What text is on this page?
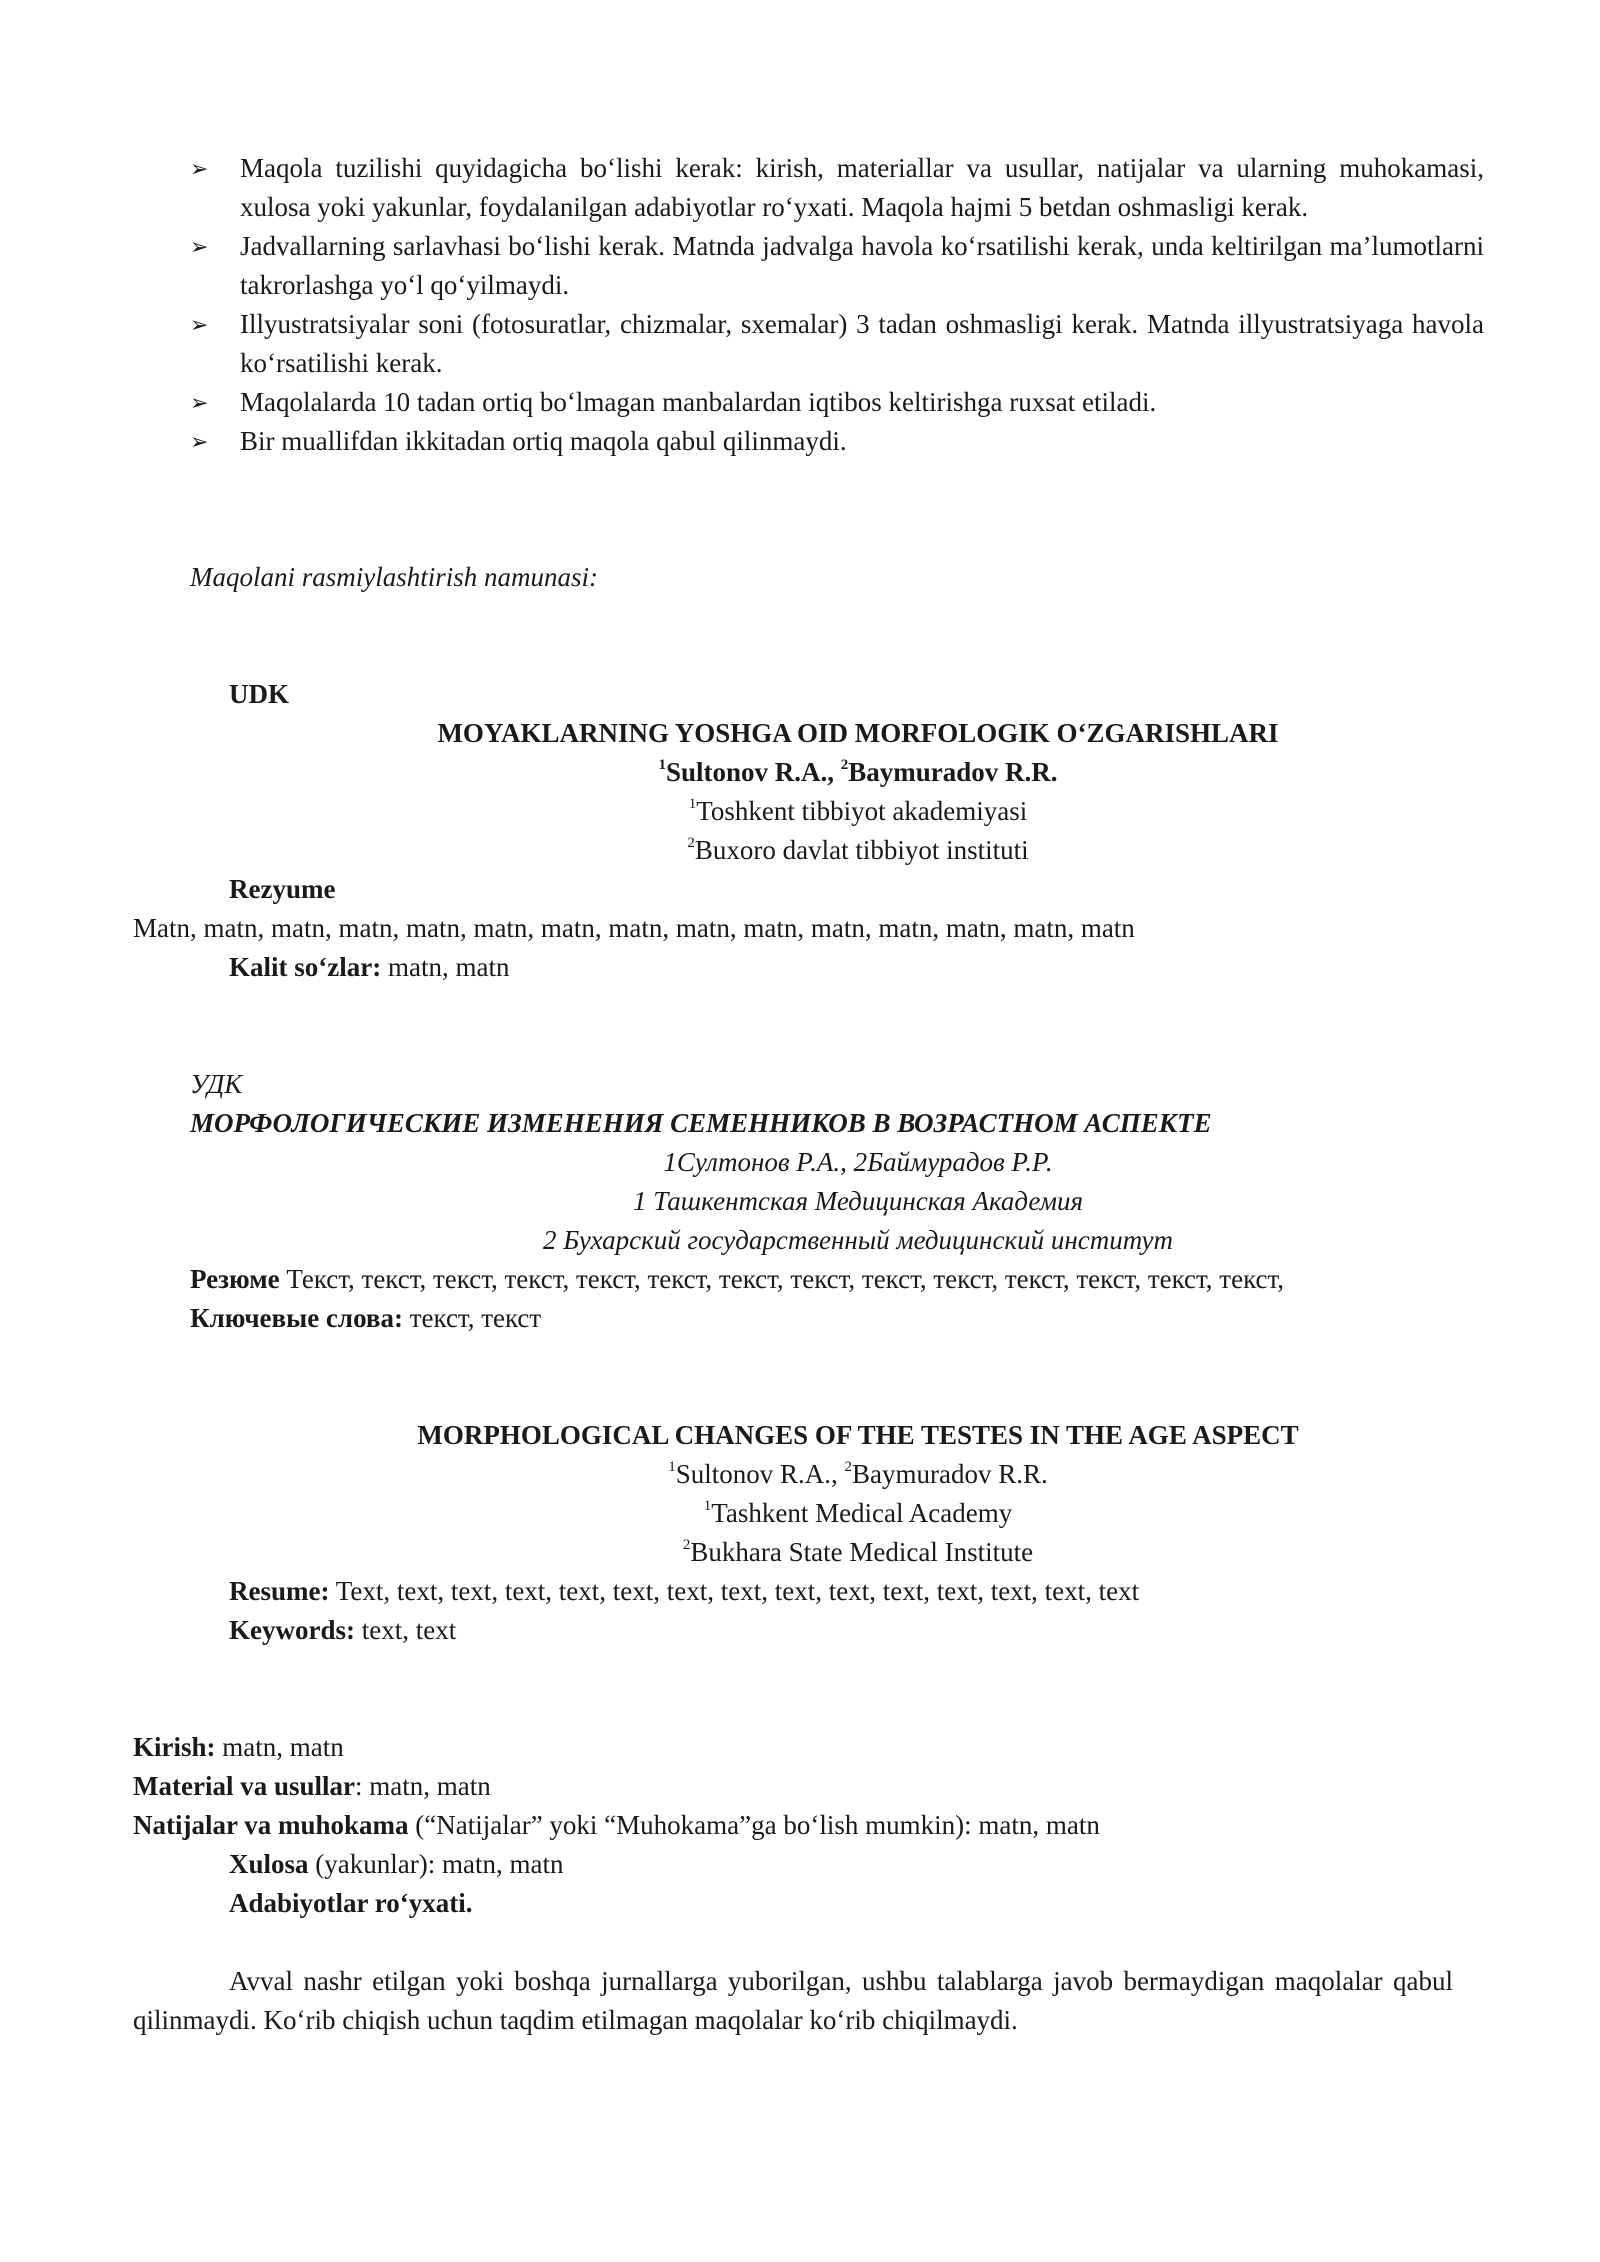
➢ Maqola tuzilishi quyidagicha bo‘lishi kerak: kirish, materiallar va usullar, natijalar va ularning muhokamasi, xulosa yoki yakunlar, foydalanilgan adabiyotlar ro‘yxati. Maqola hajmi 5 betdan oshmasligi kerak.
➢ Jadvallarning sarlavhasi bo‘lishi kerak. Matnda jadvalga havola ko‘rsatilishi kerak, unda keltirilgan ma’lumotlarni takrorlashga yo‘l qo‘yilmaydi.
➢ Illyustratsiyalar soni (fotosuratlar, chizmalar, sxemalar) 3 tadan oshmasligi kerak. Matnda illyustratsiyaga havola ko‘rsatilishi kerak.
➢ Maqolalarda 10 tadan ortiq bo‘lmagan manbalardan iqtibos keltirishga ruxsat etiladi.
➢ Bir muallifdan ikkitadan ortiq maqola qabul qilinmaydi.
Maqolani rasmiylashtirish namunasi:
UDK
MOYAKLARNING YOSHGA OID MORFOLOGIK O‘ZGARISHLARI
$^1$Sultonov R.A., $^2$Baymuradov R.R.
$^1$Toshkent tibbiyot akademiyasi
$^2$Buxoro davlat tibbiyot instituti
Rezyume
Matn, matn, matn, matn, matn, matn, matn, matn, matn, matn, matn, matn, matn, matn, matn
Kalit so‘zlar: matn, matn
УДК
МОРФОЛОГИЧЕСКИЕ ИЗМЕНЕНИЯ СЕМЕННИКОВ В ВОЗРАСТНОМ АСПЕКТЕ
1Султонов Р.А., 2Баймурадов Р.Р.
1 Ташкентская Медицинская Академия
2 Бухарский государственный медицинский институт
Резюме Текст, текст, текст, текст, текст, текст, текст, текст, текст, текст, текст, текст, текст, текст,
Ключевые слова: текст, текст
MORPHOLOGICAL CHANGES OF THE TESTES IN THE AGE ASPECT
$^1$Sultonov R.A., $^2$Baymuradov R.R.
$^1$Tashkent Medical Academy
$^2$Bukhara State Medical Institute
Resume: Text, text, text, text, text, text, text, text, text, text, text, text, text, text, text
Keywords: text, text
Kirish: matn, matn
Material va usullar: matn, matn
Natijalar va muhokama (“Natijalar” yoki “Muhokama”ga bo‘lish mumkin): matn, matn
Xulosa (yakunlar): matn, matn
Adabiyotlar ro‘yxati.
Avval nashr etilgan yoki boshqa jurnallarga yuborilgan, ushbu talablarga javob bermaydigan maqolalar qabul qilinmaydi. Ko‘rib chiqish uchun taqdim etilmagan maqolalar ko‘rib chiqilmaydi.
